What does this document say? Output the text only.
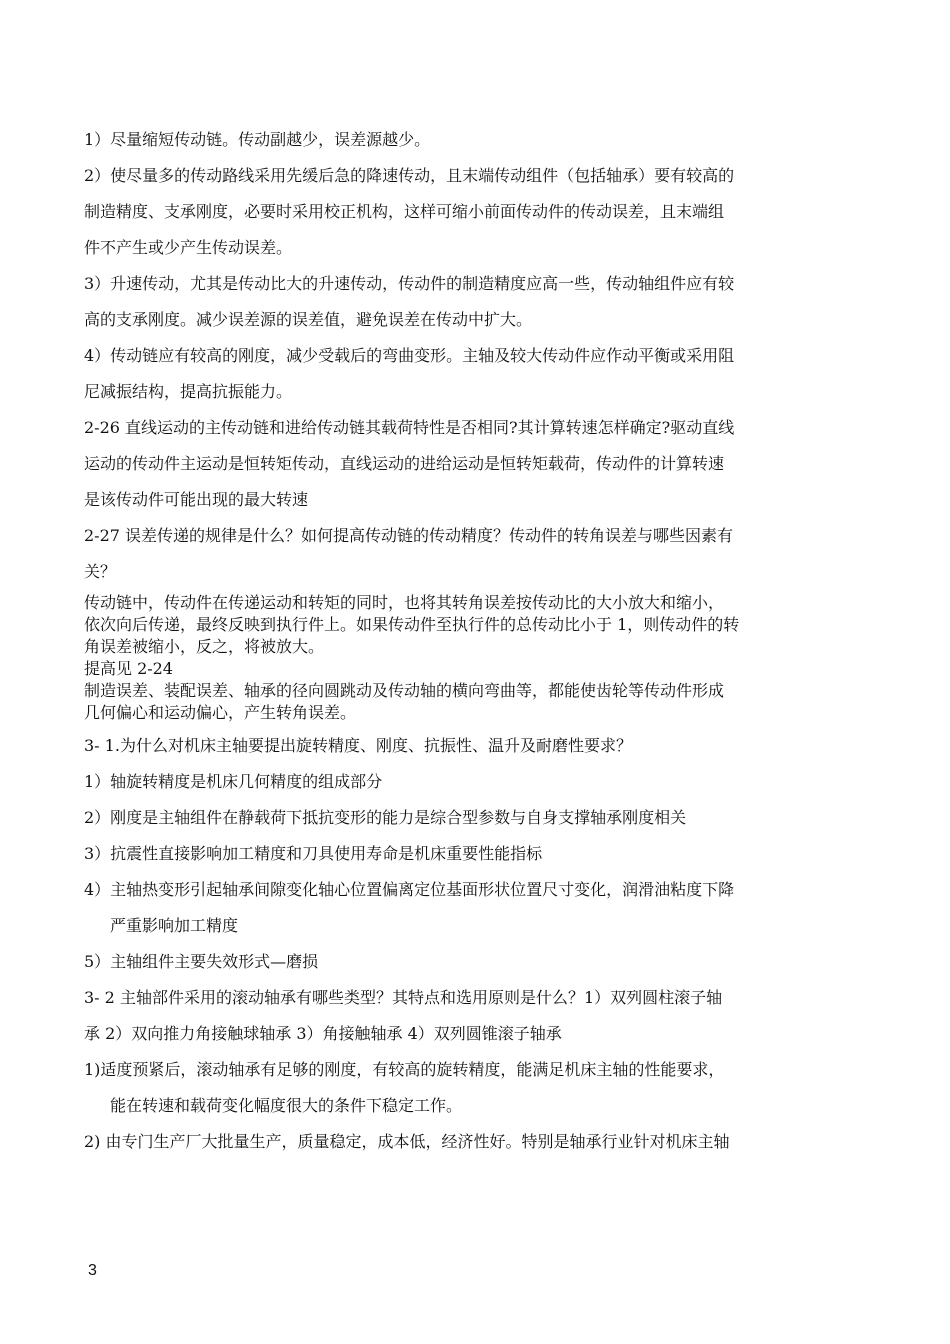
1）尽量缩短传动链。传动副越少，误差源越少。

2）使尽量多的传动路线采用先缓后急的降速传动，且末端传动组件（包括轴承）要有较高的

制造精度、支承刚度，必要时采用校正机构，这样可缩小前面传动件的传动误差，且末端组

件不产生或少产生传动误差。

3）升速传动，尤其是传动比大的升速传动，传动件的制造精度应高一些，传动轴组件应有较

高的支承刚度。减少误差源的误差值，避免误差在传动中扩大。

4）传动链应有较高的刚度，减少受载后的弯曲变形。主轴及较大传动件应作动平衡或采用阻

尼减振结构，提高抗振能力。

2-26 直线运动的主传动链和进给传动链其载荷特性是否相同?其计算转速怎样确定?驱动直线

运动的传动件主运动是恒转矩传动，直线运动的进给运动是恒转矩载荷，传动件的计算转速

是该传动件可能出现的最大转速

2-27 误差传递的规律是什么？如何提高传动链的传动精度？传动件的转角误差与哪些因素有

关？

传动链中，传动件在传递运动和转矩的同时，也将其转角误差按传动比的大小放大和缩小，
依次向后传递，最终反映到执行件上。如果传动件至执行件的总传动比小于 1，则传动件的转
角误差被缩小，反之，将被放大。
提高见 2-24
制造误差、装配误差、轴承的径向圆跳动及传动轴的横向弯曲等，都能使齿轮等传动件形成
几何偏心和运动偏心，产生转角误差。

3- 1.为什么对机床主轴要提出旋转精度、刚度、抗振性、温升及耐磨性要求？

1）轴旋转精度是机床几何精度的组成部分

2）刚度是主轴组件在静载荷下抵抗变形的能力是综合型参数与自身支撑轴承刚度相关

3）抗震性直接影响加工精度和刀具使用寿命是机床重要性能指标

4）主轴热变形引起轴承间隙变化轴心位置偏离定位基面形状位置尺寸变化，润滑油粘度下降

严重影响加工精度

5）主轴组件主要失效形式—磨损

3- 2 主轴部件采用的滚动轴承有哪些类型？其特点和选用原则是什么？1）双列圆柱滚子轴

承 2）双向推力角接触球轴承 3）角接触轴承 4）双列圆锥滚子轴承

1)适度预紧后，滚动轴承有足够的刚度，有较高的旋转精度，能满足机床主轴的性能要求，

能在转速和载荷变化幅度很大的条件下稳定工作。

2) 由专门生产厂大批量生产，质量稳定，成本低，经济性好。特别是轴承行业针对机床主轴

3
